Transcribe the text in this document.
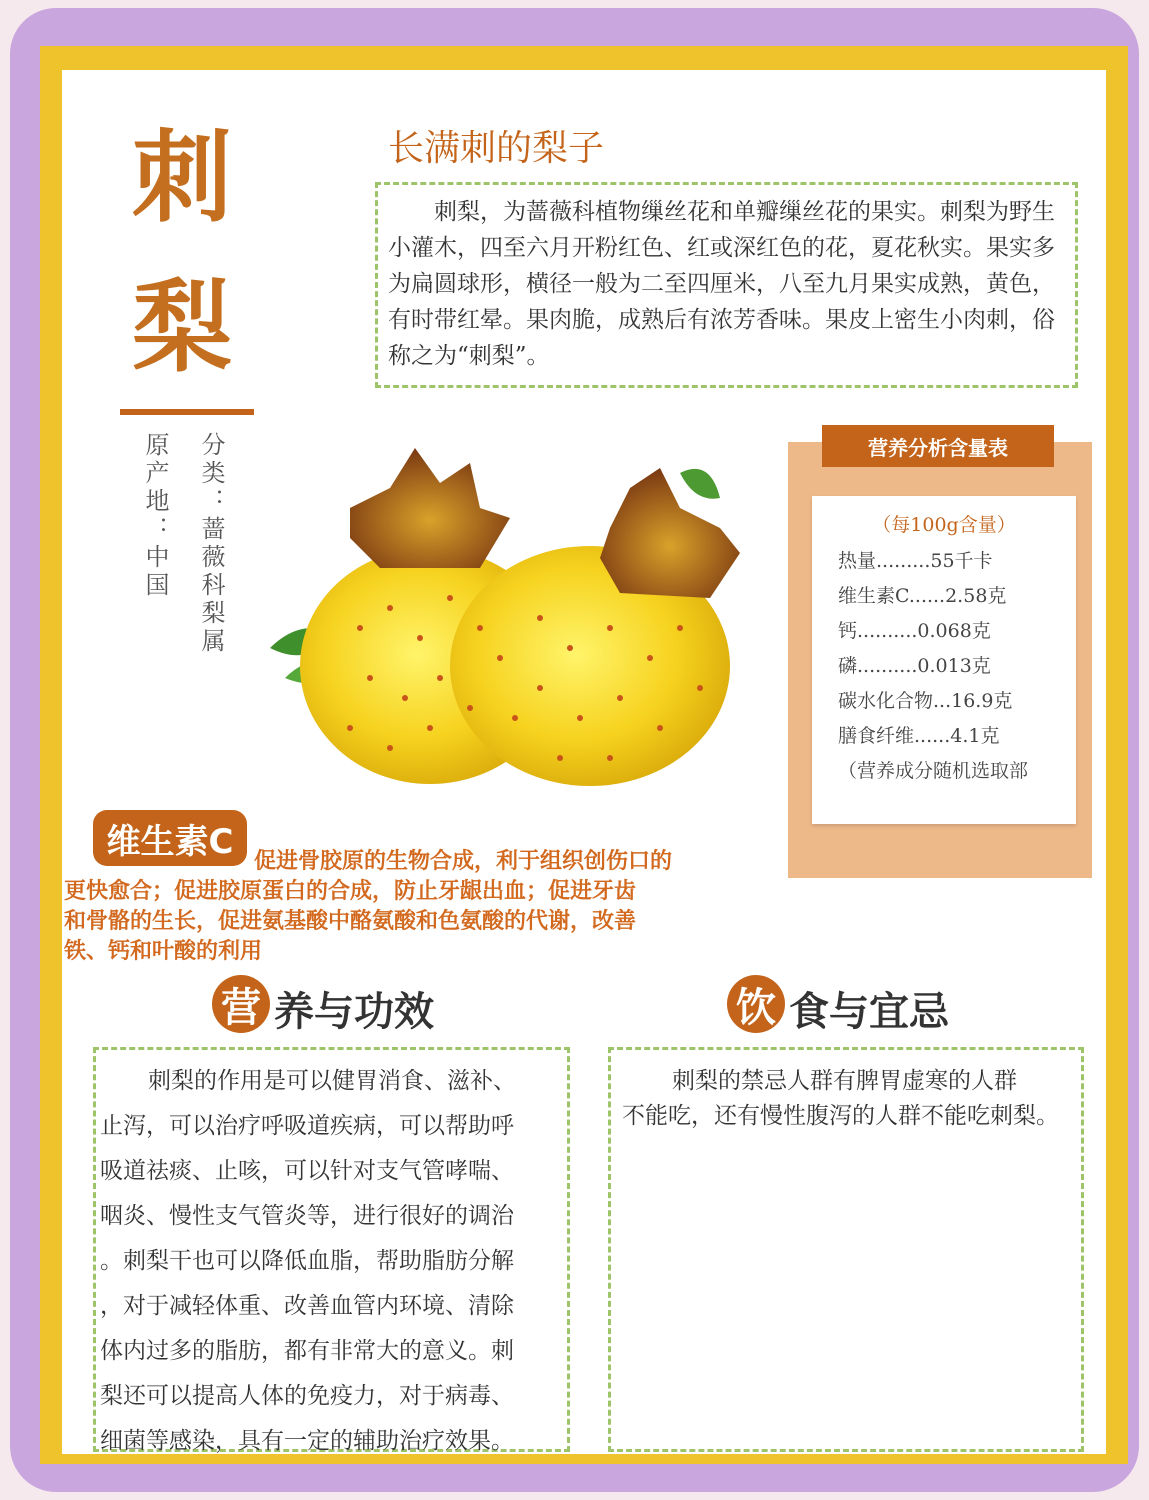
刺
梨
原产地：中国 分类：蔷薇科梨属
长满刺的梨子
刺梨，为蔷薇科植物缫丝花和单瓣缫丝花的果实。刺梨为野生小灌木，四至六月开粉红色、红或深红色的花，夏花秋实。果实多为扁圆球形，横径一般为二至四厘米，八至九月果实成熟，黄色，有时带红晕。果肉脆，成熟后有浓芳香味。果皮上密生小肉刺，俗称之为“刺梨”。
营养分析含量表
（每100g含量）
热量.........55千卡
维生素C......2.58克
钙..........0.068克
磷..........0.013克
碳水化合物...16.9克
膳食纤维......4.1克
（营养成分随机选取部
维生素C 促进骨胶原的生物合成，利于组织创伤口的
更快愈合；促进胶原蛋白的合成，防止牙龈出血；促进牙齿
和骨骼的生长，促进氨基酸中酪氨酸和色氨酸的代谢，改善
铁、钙和叶酸的利用
营 养与功效
刺梨的作用是可以健胃消食、滋补、
止泻，可以治疗呼吸道疾病，可以帮助呼
吸道祛痰、止咳，可以针对支气管哮喘、
咽炎、慢性支气管炎等，进行很好的调治
。刺梨干也可以降低血脂，帮助脂肪分解
，对于减轻体重、改善血管内环境、清除
体内过多的脂肪，都有非常大的意义。刺
梨还可以提高人体的免疫力，对于病毒、
细菌等感染，具有一定的辅助治疗效果。
饮 食与宜忌
刺梨的禁忌人群有脾胃虚寒的人群
不能吃，还有慢性腹泻的人群不能吃刺梨。
